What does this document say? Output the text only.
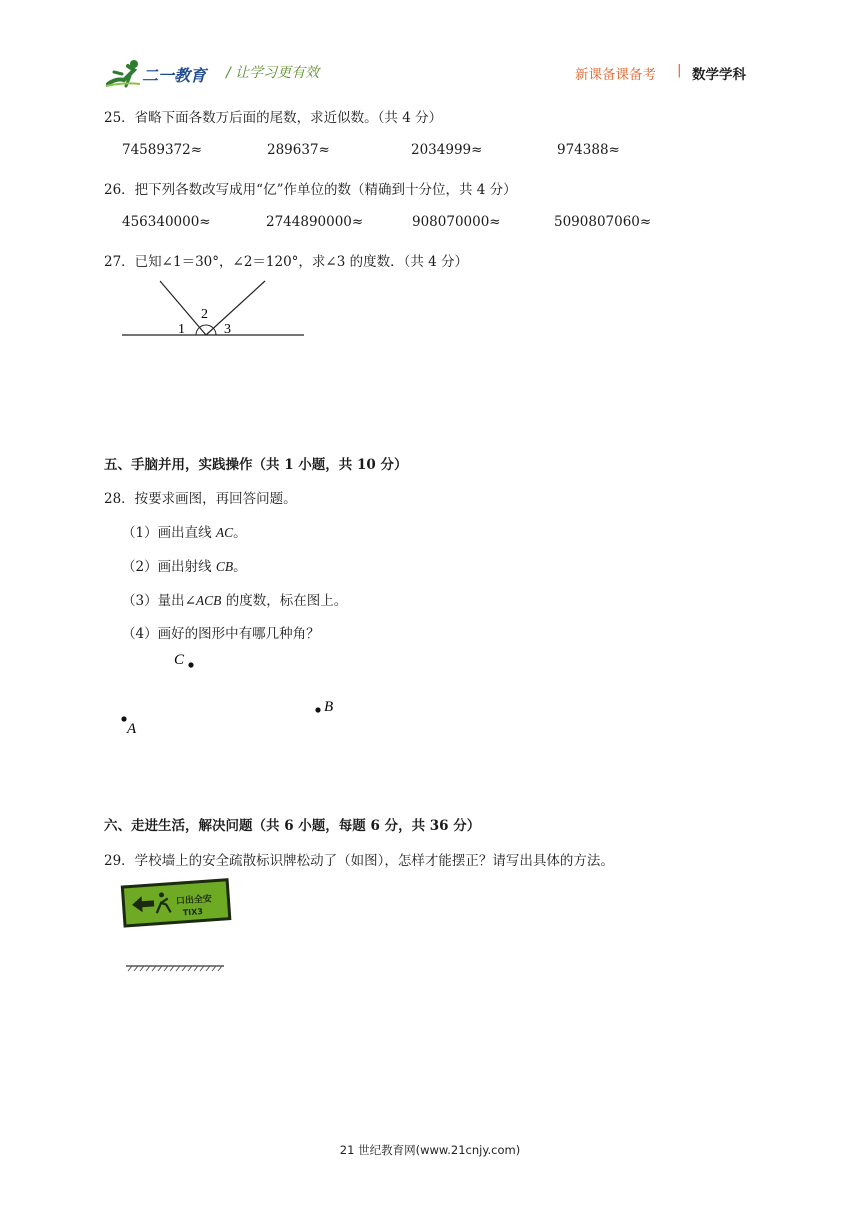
二一教育 / 让学习更有效	新课备课备考 | 数学学科
25．省略下面各数万后面的尾数，求近似数。（共 4 分）
74589372≈	289637≈	2034999≈	974388≈
26．把下列各数改写成用“亿”作单位的数（精确到十分位，共 4 分）
456340000≈	2744890000≈	908070000≈	5090807060≈
27．已知∠1＝30°，∠2＝120°，求∠3 的度数．（共 4 分）
1
2
3
五、手脑并用，实践操作（共 1 小题，共 10 分）
28．按要求画图，再回答问题。
（1）画出直线 AC。
（2）画出射线 CB。
（3）量出∠ACB 的度数，标在图上。
（4）画好的图形中有哪几种角？
C
B
A
六、走进生活，解决问题（共 6 小题，每题 6 分，共 36 分）
29．学校墙上的安全疏散标识牌松动了（如图），怎样才能摆正？请写出具体的方法。
口出全安
TIX3
21 世纪教育网(www.21cnjy.com)
